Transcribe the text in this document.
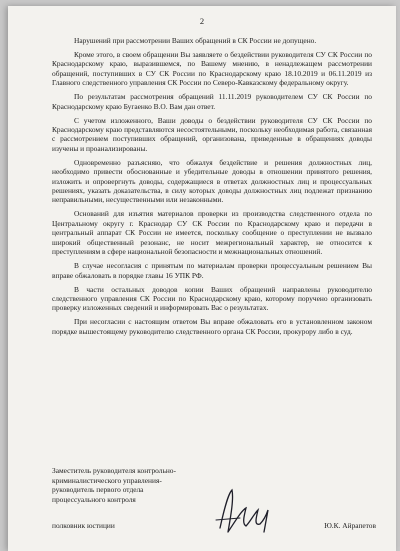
2

Нарушений при рассмотрении Ваших обращений в СК России не допущено.

Кроме этого, в своем обращении Вы заявляете о бездействии руководителя СУ СК России по Краснодарскому краю, выразившемся, по Вашему мнению, в ненадлежащем рассмотрении обращений, поступивших в СУ СК России по Краснодарскому краю 18.10.2019 и 06.11.2019 из Главного следственного управления СК России по Северо-Кавказскому федеральному округу.

По результатам рассмотрения обращений 11.11.2019 руководителем СУ СК России по Краснодарскому краю Бугаенко В.О. Вам дан ответ.

С учетом изложенного, Ваши доводы о бездействии руководителя СУ СК России по Краснодарскому краю представляются несостоятельными, поскольку необходимая работа, связанная с рассмотрением поступивших обращений, организована, приведенные в обращениях доводы изучены и проанализированы.

Одновременно разъясняю, что обжалуя бездействие и решения должностных лиц, необходимо привести обоснованные и убедительные доводы в отношении принятого решения, изложить и опровергнуть доводы, содержащиеся в ответах должностных лиц и процессуальных решениях, указать доказательства, в силу которых доводы должностных лиц подлежат признанию неправильными, несущественными или незаконными.

Оснований для изъятия материалов проверки из производства следственного отдела по Центральному округу г. Краснодар СУ СК России по Краснодарскому краю и передачи в центральный аппарат СК России не имеется, поскольку сообщение о преступлении не вызвало широкий общественный резонанс, не носит межрегиональный характер, не относится к преступлениям в сфере национальной безопасности и межнациональных отношений.

В случае несогласия с принятым по материалам проверки процессуальным решением Вы вправе обжаловать в порядке главы 16 УПК РФ.

В части остальных доводов копии Ваших обращений направлены руководителю следственного управления СК России по Краснодарскому краю, которому поручено организовать проверку изложенных сведений и информировать Вас о результатах.

При несогласии с настоящим ответом Вы вправе обжаловать его в установленном законом порядке вышестоящему руководителю следственного органа СК России, прокурору либо в суд.

Заместитель руководителя контрольно-
криминалистического управления-
руководитель первого отдела
процессуального контроля
полковник юстиции	Ю.К. Айрапетов
